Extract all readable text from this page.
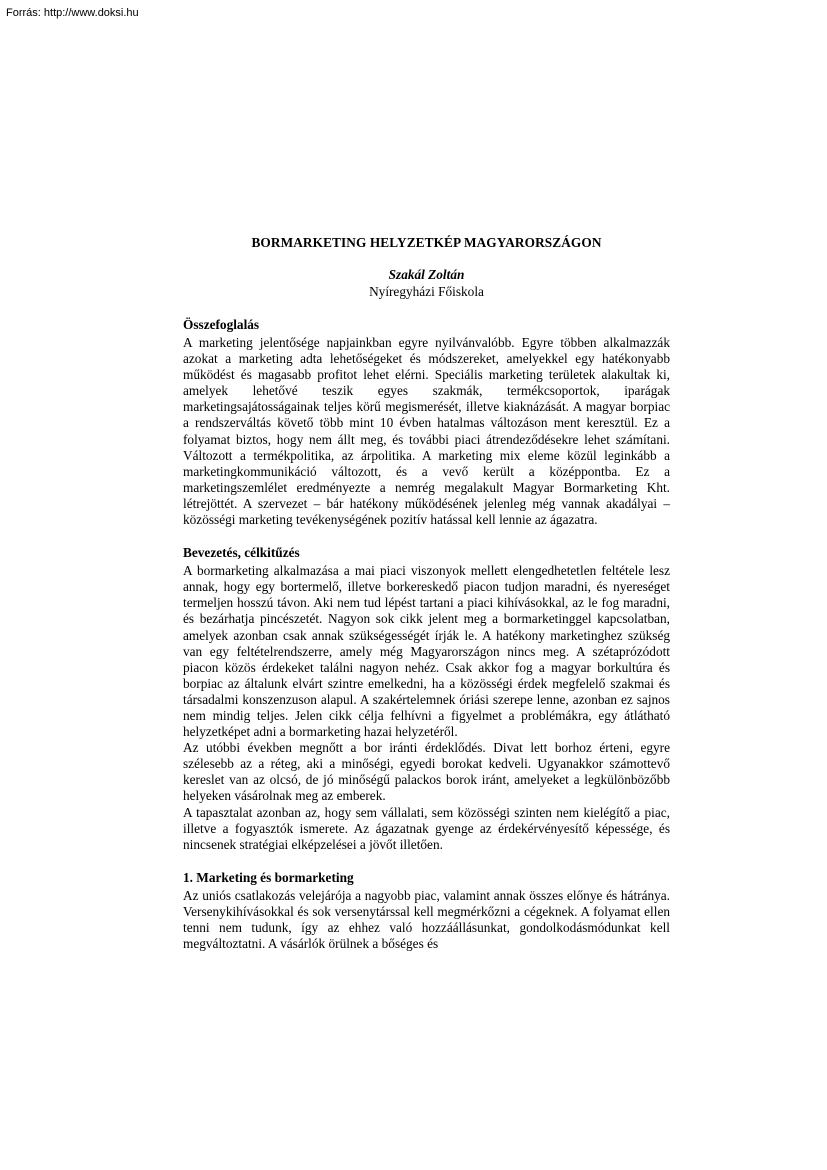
Forrás: http://www.doksi.hu
BORMARKETING HELYZETKÉP MAGYARORSZÁGON

Szakál Zoltán

Nyíregyházi Főiskola

Összefoglalás

A marketing jelentősége napjainkban egyre nyilvánvalóbb. Egyre többen alkalmazzák azokat a marketing adta lehetőségeket és módszereket, amelyekkel egy hatékonyabb működést és magasabb profitot lehet elérni. Speciális marketing területek alakultak ki, amelyek lehetővé teszik egyes szakmák, termékcsoportok, iparágak marketingsajátosságainak teljes körű megismerését, illetve kiaknázását. A magyar borpiac a rendszerváltás követő több mint 10 évben hatalmas változáson ment keresztül. Ez a folyamat biztos, hogy nem állt meg, és további piaci átrendeződésekre lehet számítani. Változott a termékpolitika, az árpolitika. A marketing mix eleme közül leginkább a marketingkommunikáció változott, és a vevő került a középpontba. Ez a marketingszemlélet eredményezte a nemrég megalakult Magyar Bormarketing Kht. létrejöttét. A szervezet – bár hatékony működésének jelenleg még vannak akadályai – közösségi marketing tevékenységének pozitív hatással kell lennie az ágazatra.

Bevezetés, célkitűzés

A bormarketing alkalmazása a mai piaci viszonyok mellett elengedhetetlen feltétele lesz annak, hogy egy bortermelő, illetve borkereskedő piacon tudjon maradni, és nyereséget termeljen hosszú távon. Aki nem tud lépést tartani a piaci kihívásokkal, az le fog maradni, és bezárhatja pincészetét. Nagyon sok cikk jelent meg a bormarketinggel kapcsolatban, amelyek azonban csak annak szükségességét írják le. A hatékony marketinghez szükség van egy feltételrendszerre, amely még Magyarországon nincs meg. A szétaprózódott piacon közös érdekeket találni nagyon nehéz. Csak akkor fog a magyar borkultúra és borpiac az általunk elvárt szintre emelkedni, ha a közösségi érdek megfelelő szakmai és társadalmi konszenzuson alapul. A szakértelemnek óriási szerepe lenne, azonban ez sajnos nem mindig teljes. Jelen cikk célja felhívni a figyelmet a problémákra, egy átlátható helyzetképet adni a bormarketing hazai helyzetéről.

Az utóbbi években megnőtt a bor iránti érdeklődés. Divat lett borhoz érteni, egyre szélesebb az a réteg, aki a minőségi, egyedi borokat kedveli. Ugyanakkor számottevő kereslet van az olcsó, de jó minőségű palackos borok iránt, amelyeket a legkülönbözőbb helyeken vásárolnak meg az emberek.

A tapasztalat azonban az, hogy sem vállalati, sem közösségi szinten nem kielégítő a piac, illetve a fogyasztók ismerete. Az ágazatnak gyenge az érdekérvényesítő képessége, és nincsenek stratégiai elképzelései a jövőt illetően.

1. Marketing és bormarketing

Az uniós csatlakozás velejárója a nagyobb piac, valamint annak összes előnye és hátránya. Versenykihívásokkal és sok versenytárssal kell megmérkőzni a cégeknek. A folyamat ellen tenni nem tudunk, így az ehhez való hozzáállásunkat, gondolkodásmódunkat kell megváltoztatni. A vásárlók örülnek a bőséges és
